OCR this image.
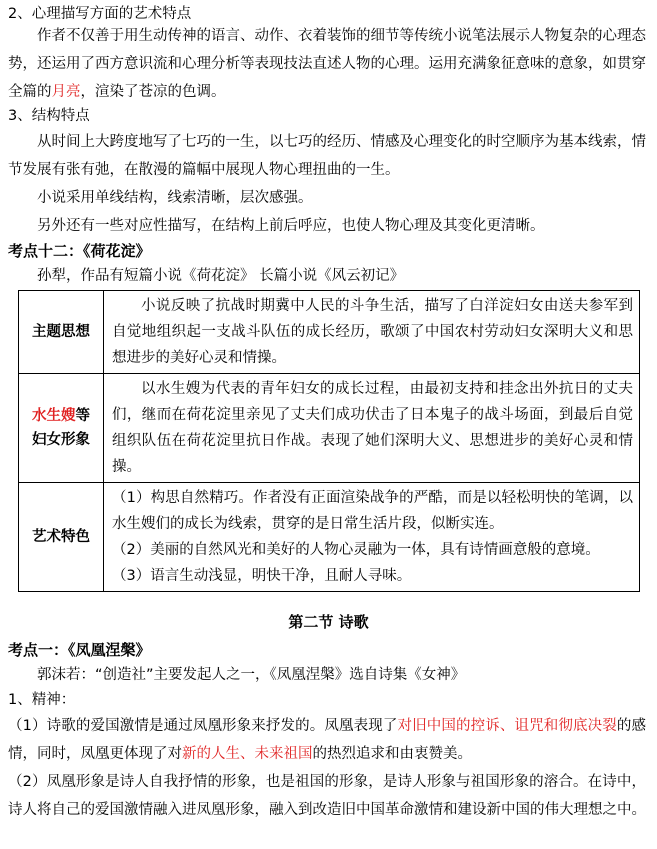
2、心理描写方面的艺术特点
作者不仅善于用生动传神的语言、动作、衣着装饰的细节等传统小说笔法展示人物复杂的心理态势，还运用了西方意识流和心理分析等表现技法直述人物的心理。运用充满象征意味的意象，如贯穿全篇的月亮，渲染了苍凉的色调。
3、结构特点
从时间上大跨度地写了七巧的一生，以七巧的经历、情感及心理变化的时空顺序为基本线索，情节发展有张有弛，在散漫的篇幅中展现人物心理扭曲的一生。
小说采用单线结构，线索清晰，层次感强。
另外还有一些对应性描写，在结构上前后呼应，也使人物心理及其变化更清晰。
考点十二：《荷花淀》
孙犁，作品有短篇小说《荷花淀》 长篇小说《风云初记》
主题思想	小说反映了抗战时期冀中人民的斗争生活，描写了白洋淀妇女由送夫参军到自觉地组织起一支战斗队伍的成长经历，歌颂了中国农村劳动妇女深明大义和思想进步的美好心灵和情操。

水生嫂等
妇女形象	以水生嫂为代表的青年妇女的成长过程，由最初支持和挂念出外抗日的丈夫们，继而在荷花淀里亲见了丈夫们成功伏击了日本鬼子的战斗场面，到最后自觉组织队伍在荷花淀里抗日作战。表现了她们深明大义、思想进步的美好心灵和情操。

艺术特色	（1）构思自然精巧。作者没有正面渲染战争的严酷，而是以轻松明快的笔调，以水生嫂们的成长为线索，贯穿的是日常生活片段，似断实连。
（2）美丽的自然风光和美好的人物心灵融为一体，具有诗情画意般的意境。
（3）语言生动浅显，明快干净，且耐人寻味。
第二节 诗歌
考点一：《凤凰涅槃》
郭沫若：“创造社”主要发起人之一，《凤凰涅槃》选自诗集《女神》
1、精神：
（1）诗歌的爱国激情是通过凤凰形象来抒发的。凤凰表现了对旧中国的控诉、诅咒和彻底决裂的感情，同时，凤凰更体现了对新的人生、未来祖国的热烈追求和由衷赞美。
（2）凤凰形象是诗人自我抒情的形象，也是祖国的形象，是诗人形象与祖国形象的溶合。在诗中，诗人将自己的爱国激情融入进凤凰形象，融入到改造旧中国革命激情和建设新中国的伟大理想之中。
